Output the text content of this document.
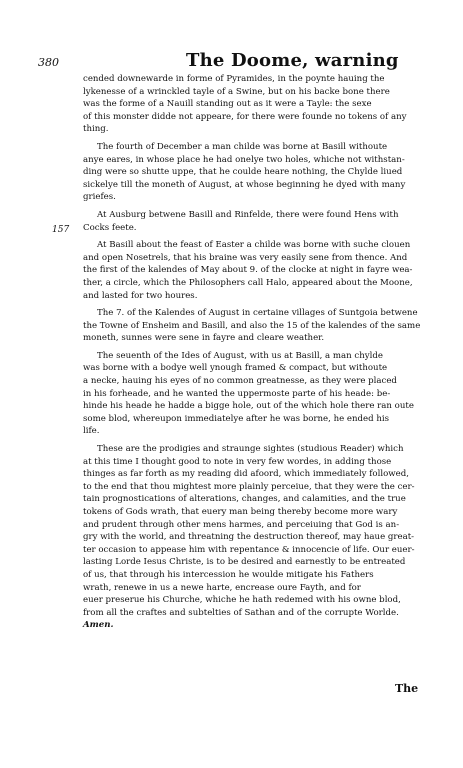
380	The Doome, warning
157
cended downewarde in forme of Pyramides, in the poynte hauing the
lykenesse of a wrinckled tayle of a Swine, but on his backe bone there
was the forme of a Nauill standing out as it were a Tayle: the sexe
of this monster didde not appeare, for there were founde no tokens of any
thing.
The fourth of December a man childe was borne at Basill withoute
anye eares, in whose place he had onelye two holes, whiche not withstan-
ding were so shutte uppe, that he coulde heare nothing, the Chylde liued
sickelye till the moneth of August, at whose beginning he dyed with many
griefes.
At Ausburg betwene Basill and Rinfelde, there were found Hens with
Cocks feete.
At Basill about the feast of Easter a childe was borne with suche clouen
and open Nosetrels, that his braine was very easily sene from thence. And
the first of the kalendes of May about 9. of the clocke at night in fayre wea-
ther, a circle, which the Philosophers call Halo, appeared about the Moone,
and lasted for two houres.
The 7. of the Kalendes of August in certaine villages of Suntgoia betwene
the Towne of Ensheim and Basill, and also the 15 of the kalendes of the same
moneth, sunnes were sene in fayre and cleare weather.
The seuenth of the Ides of August, with us at Basill, a man chylde
was borne with a bodye well ynough framed & compact, but withoute
a necke, hauing his eyes of no common greatnesse, as they were placed
in his forheade, and he wanted the uppermoste parte of his heade: be-
hinde his heade he hadde a bigge hole, out of the which hole there ran oute
some blod, whereupon immediatelye after he was borne, he ended his
life.
These are the prodigies and straunge sightes (studious Reader) which
at this time I thought good to note in very few wordes, in adding those
thinges as far forth as my reading did afoord, which immediately followed,
to the end that thou mightest more plainly perceiue, that they were the cer-
tain prognostications of alterations, changes, and calamities, and the true
tokens of Gods wrath, that euery man being thereby become more wary
and prudent through other mens harmes, and perceiuing that God is an-
gry with the world, and threatning the destruction thereof, may haue great-
ter occasion to appease him with repentance & innocencie of life. Our euer-
lasting Lorde Iesus Christe, is to be desired and earnestly to be entreated
of us, that through his intercession he woulde mitigate his Fathers
wrath, renewe in us a newe harte, encrease oure Fayth, and for
euer preserue his Churche, whiche he hath redemed with his owne blod,
from all the craftes and subtelties of Sathan and of the corrupte Worlde.
Amen.
The
